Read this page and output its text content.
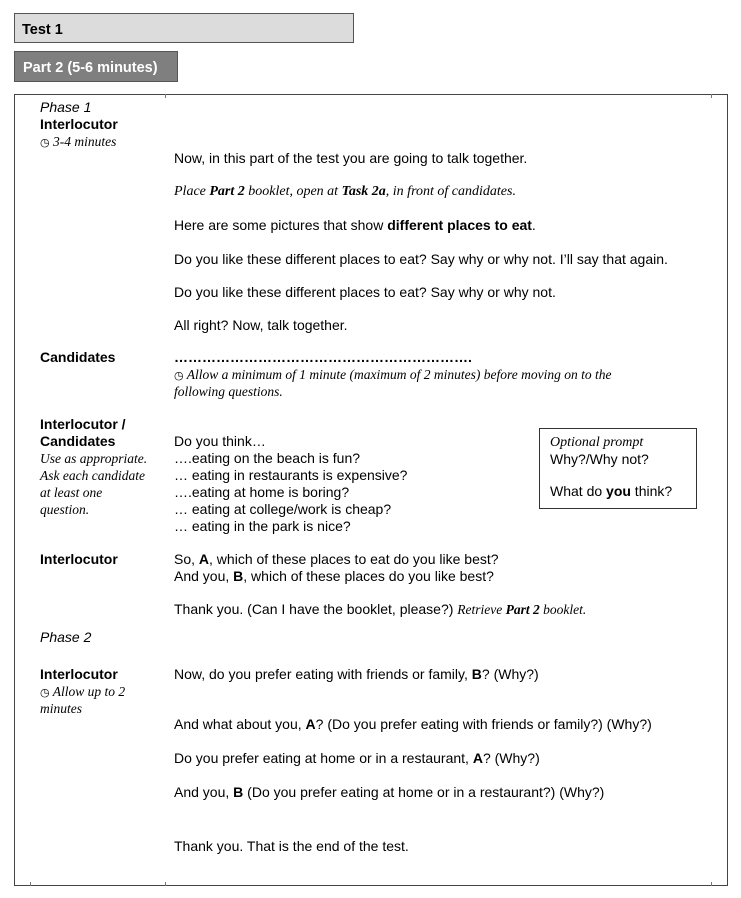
Test 1
Part 2 (5-6 minutes)
Phase 1
Interlocutor
◷ 3-4 minutes
Now, in this part of the test you are going to talk together.
Place Part 2 booklet, open at Task 2a, in front of candidates.
Here are some pictures that show different places to eat.
Do you like these different places to eat? Say why or why not. I’ll say that again.
Do you like these different places to eat? Say why or why not.
All right? Now, talk together.
Candidates	……………………………………………………….
◷ Allow a minimum of 1 minute (maximum of 2 minutes) before moving on to the
following questions.
Interlocutor /
Candidates
Use as appropriate.
Ask each candidate
at least one
question.
Do you think…
….eating on the beach is fun?
… eating in restaurants is expensive?
….eating at home is boring?
… eating at college/work is cheap?
… eating in the park is nice?
Optional prompt
Why?/Why not?
What do you think?
Interlocutor	So, A, which of these places to eat do you like best?
And you, B, which of these places do you like best?
Thank you. (Can I have the booklet, please?) Retrieve Part 2 booklet.
Phase 2
Interlocutor
◷ Allow up to 2
minutes
Now, do you prefer eating with friends or family, B? (Why?)
And what about you, A? (Do you prefer eating with friends or family?) (Why?)
Do you prefer eating at home or in a restaurant, A? (Why?)
And you, B (Do you prefer eating at home or in a restaurant?) (Why?)
Thank you. That is the end of the test.
